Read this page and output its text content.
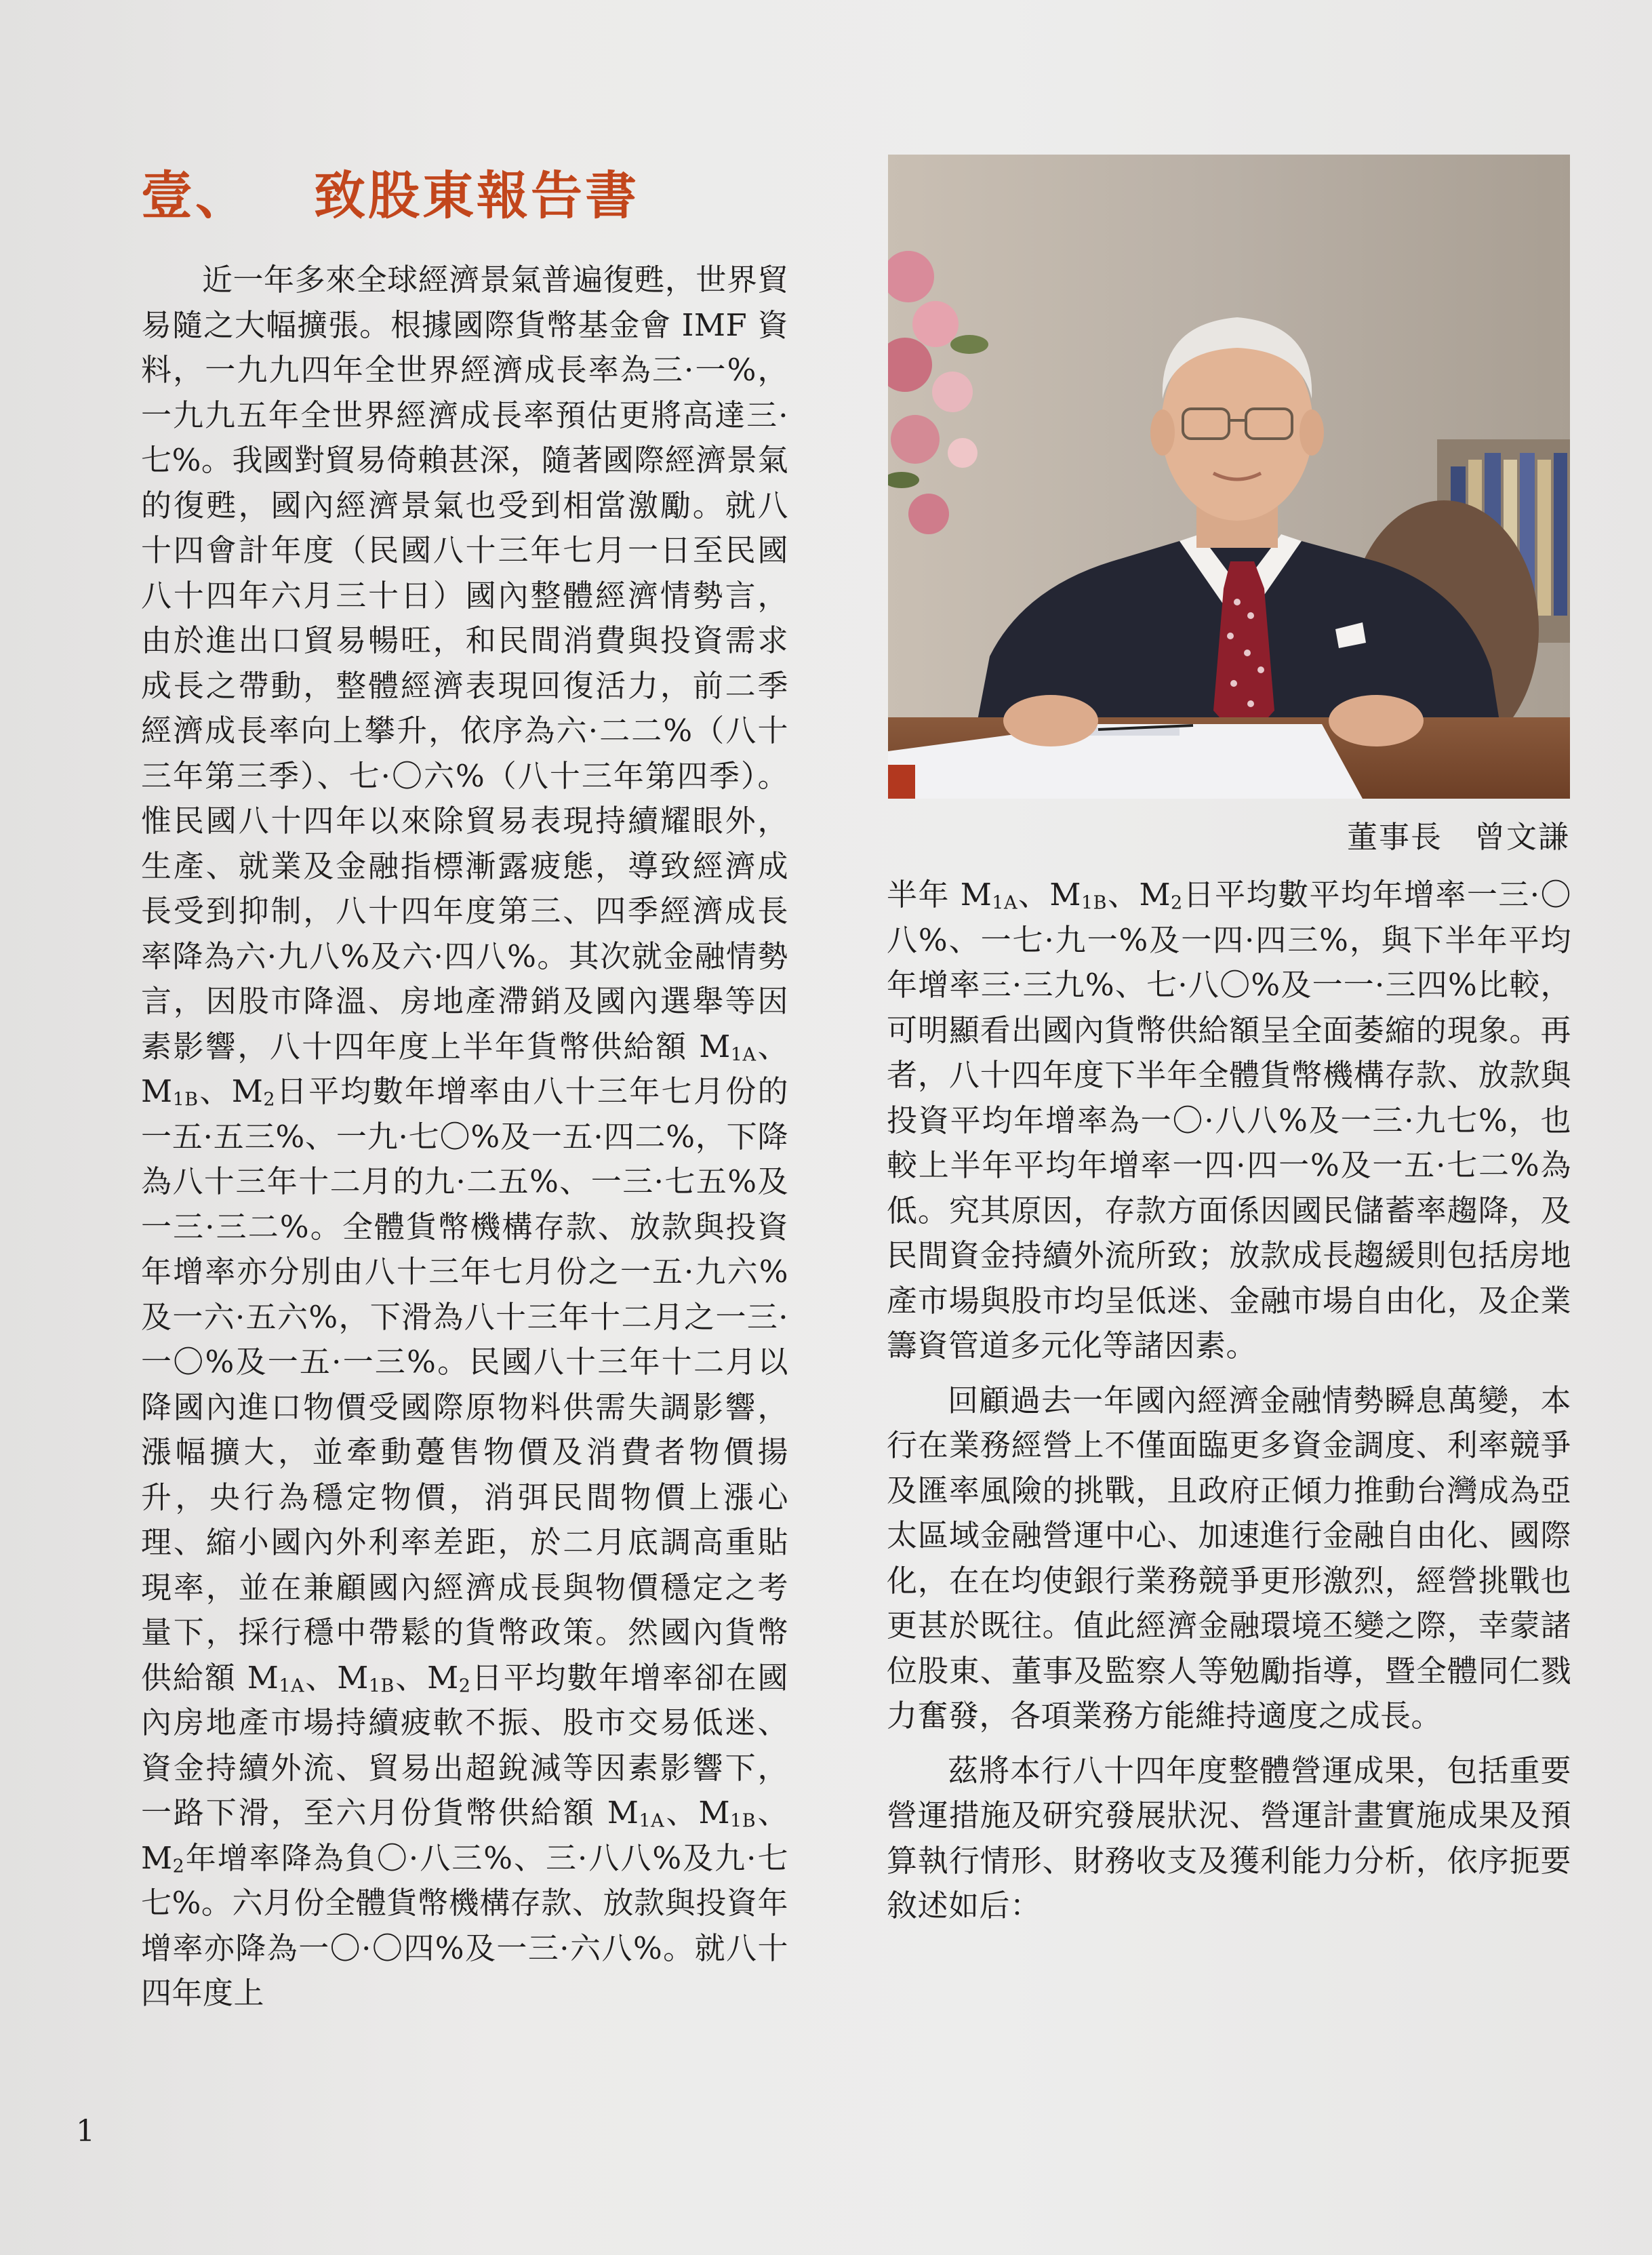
壹、 致股東報告書

近一年多來全球經濟景氣普遍復甦，世界貿易隨之大幅擴張。根據國際貨幣基金會 IMF 資料，一九九四年全世界經濟成長率為三·一%，一九九五年全世界經濟成長率預估更將高達三·七%。我國對貿易倚賴甚深，隨著國際經濟景氣的復甦，國內經濟景氣也受到相當激勵。就八十四會計年度（民國八十三年七月一日至民國八十四年六月三十日）國內整體經濟情勢言，由於進出口貿易暢旺，和民間消費與投資需求成長之帶動，整體經濟表現回復活力，前二季經濟成長率向上攀升，依序為六·二二%（八十三年第三季）、七·〇六%（八十三年第四季）。惟民國八十四年以來除貿易表現持續耀眼外，生產、就業及金融指標漸露疲態，導致經濟成長受到抑制，八十四年度第三、四季經濟成長率降為六·九八%及六·四八%。其次就金融情勢言，因股市降溫、房地產滯銷及國內選舉等因素影響，八十四年度上半年貨幣供給額 $M_{1A}$、$M_{1B}$、$M_2$日平均數年增率由八十三年七月份的一五·五三%、一九·七〇%及一五·四二%，下降為八十三年十二月的九·二五%、一三·七五%及一三·三二%。全體貨幣機構存款、放款與投資年增率亦分別由八十三年七月份之一五·九六%及一六·五六%，下滑為八十三年十二月之一三·一〇%及一五·一三%。民國八十三年十二月以降國內進口物價受國際原物料供需失調影響，漲幅擴大，並牽動躉售物價及消費者物價揚升，央行為穩定物價，消弭民間物價上漲心理、縮小國內外利率差距，於二月底調高重貼現率，並在兼顧國內經濟成長與物價穩定之考量下，採行穩中帶鬆的貨幣政策。然國內貨幣供給額 $M_{1A}$、$M_{1B}$、$M_2$日平均數年增率卻在國內房地產市場持續疲軟不振、股市交易低迷、資金持續外流、貿易出超銳減等因素影響下，一路下滑，至六月份貨幣供給額 $M_{1A}$、$M_{1B}$、$M_2$年增率降為負〇·八三%、三·八八%及九·七七%。六月份全體貨幣機構存款、放款與投資年增率亦降為一〇·〇四%及一三·六八%。就八十四年度上

董事長　曾文謙

半年 $M_{1A}$、$M_{1B}$、$M_2$日平均數平均年增率一三·〇八%、一七·九一%及一四·四三%，與下半年平均年增率三·三九%、七·八〇%及一一·三四%比較，可明顯看出國內貨幣供給額呈全面萎縮的現象。再者，八十四年度下半年全體貨幣機構存款、放款與投資平均年增率為一〇·八八%及一三·九七%，也較上半年平均年增率一四·四一%及一五·七二%為低。究其原因，存款方面係因國民儲蓄率趨降，及民間資金持續外流所致；放款成長趨緩則包括房地產市場與股市均呈低迷、金融市場自由化，及企業籌資管道多元化等諸因素。

回顧過去一年國內經濟金融情勢瞬息萬變，本行在業務經營上不僅面臨更多資金調度、利率競爭及匯率風險的挑戰，且政府正傾力推動台灣成為亞太區域金融營運中心、加速進行金融自由化、國際化，在在均使銀行業務競爭更形激烈，經營挑戰也更甚於既往。值此經濟金融環境丕變之際，幸蒙諸位股東、董事及監察人等勉勵指導，暨全體同仁戮力奮發，各項業務方能維持適度之成長。

茲將本行八十四年度整體營運成果，包括重要營運措施及研究發展狀況、營運計畫實施成果及預算執行情形、財務收支及獲利能力分析，依序扼要敘述如后：

1
